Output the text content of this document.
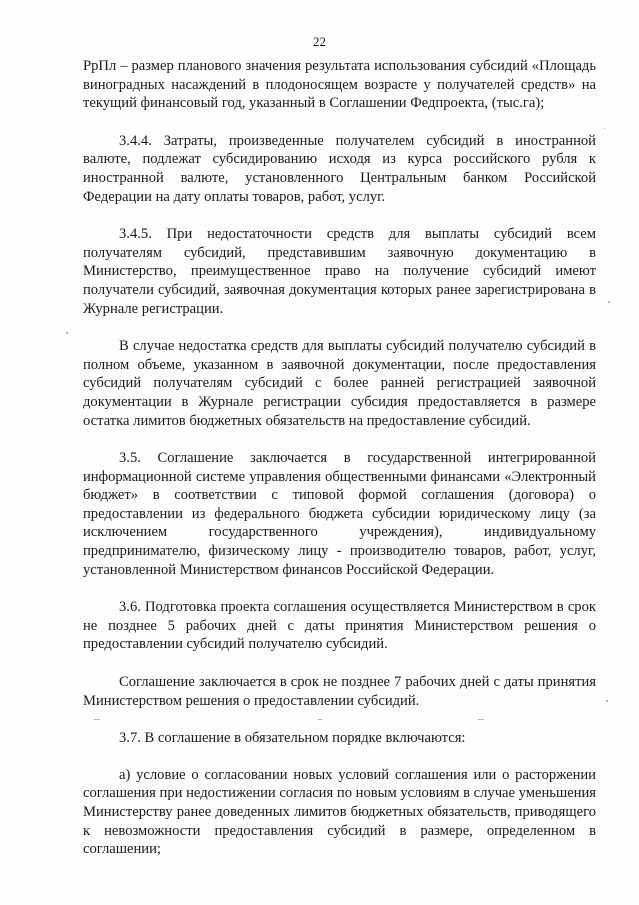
22

РрПл – размер планового значения результата использования субсидий «Площадь виноградных насаждений в плодоносящем возрасте у получателей средств» на текущий финансовый год, указанный в Соглашении Федпроекта, (тыс.га);

3.4.4. Затраты, произведенные получателем субсидий в иностранной валюте, подлежат субсидированию исходя из курса российского рубля к иностранной валюте, установленного Центральным банком Российской Федерации на дату оплаты товаров, работ, услуг.

3.4.5. При недостаточности средств для выплаты субсидий всем получателям субсидий, представившим заявочную документацию в Министерство, преимущественное право на получение субсидий имеют получатели субсидий, заявочная документация которых ранее зарегистрирована в Журнале регистрации.

В случае недостатка средств для выплаты субсидий получателю субсидий в полном объеме, указанном в заявочной документации, после предоставления субсидий получателям субсидий с более ранней регистрацией заявочной документации в Журнале регистрации субсидия предоставляется в размере остатка лимитов бюджетных обязательств на предоставление субсидий.

3.5. Соглашение заключается в государственной интегрированной информационной системе управления общественными финансами «Электронный бюджет» в соответствии с типовой формой соглашения (договора) о предоставлении из федерального бюджета субсидии юридическому лицу (за исключением государственного учреждения), индивидуальному предпринимателю, физическому лицу - производителю товаров, работ, услуг, установленной Министерством финансов Российской Федерации.

3.6. Подготовка проекта соглашения осуществляется Министерством в срок не позднее 5 рабочих дней с даты принятия Министерством решения о предоставлении субсидий получателю субсидий.

Соглашение заключается в срок не позднее 7 рабочих дней с даты принятия Министерством решения о предоставлении субсидий.

3.7. В соглашение в обязательном порядке включаются:

а) условие о согласовании новых условий соглашения или о расторжении соглашения при недостижении согласия по новым условиям в случае уменьшения Министерству ранее доведенных лимитов бюджетных обязательств, приводящего к невозможности предоставления субсидий в размере, определенном в соглашении;
